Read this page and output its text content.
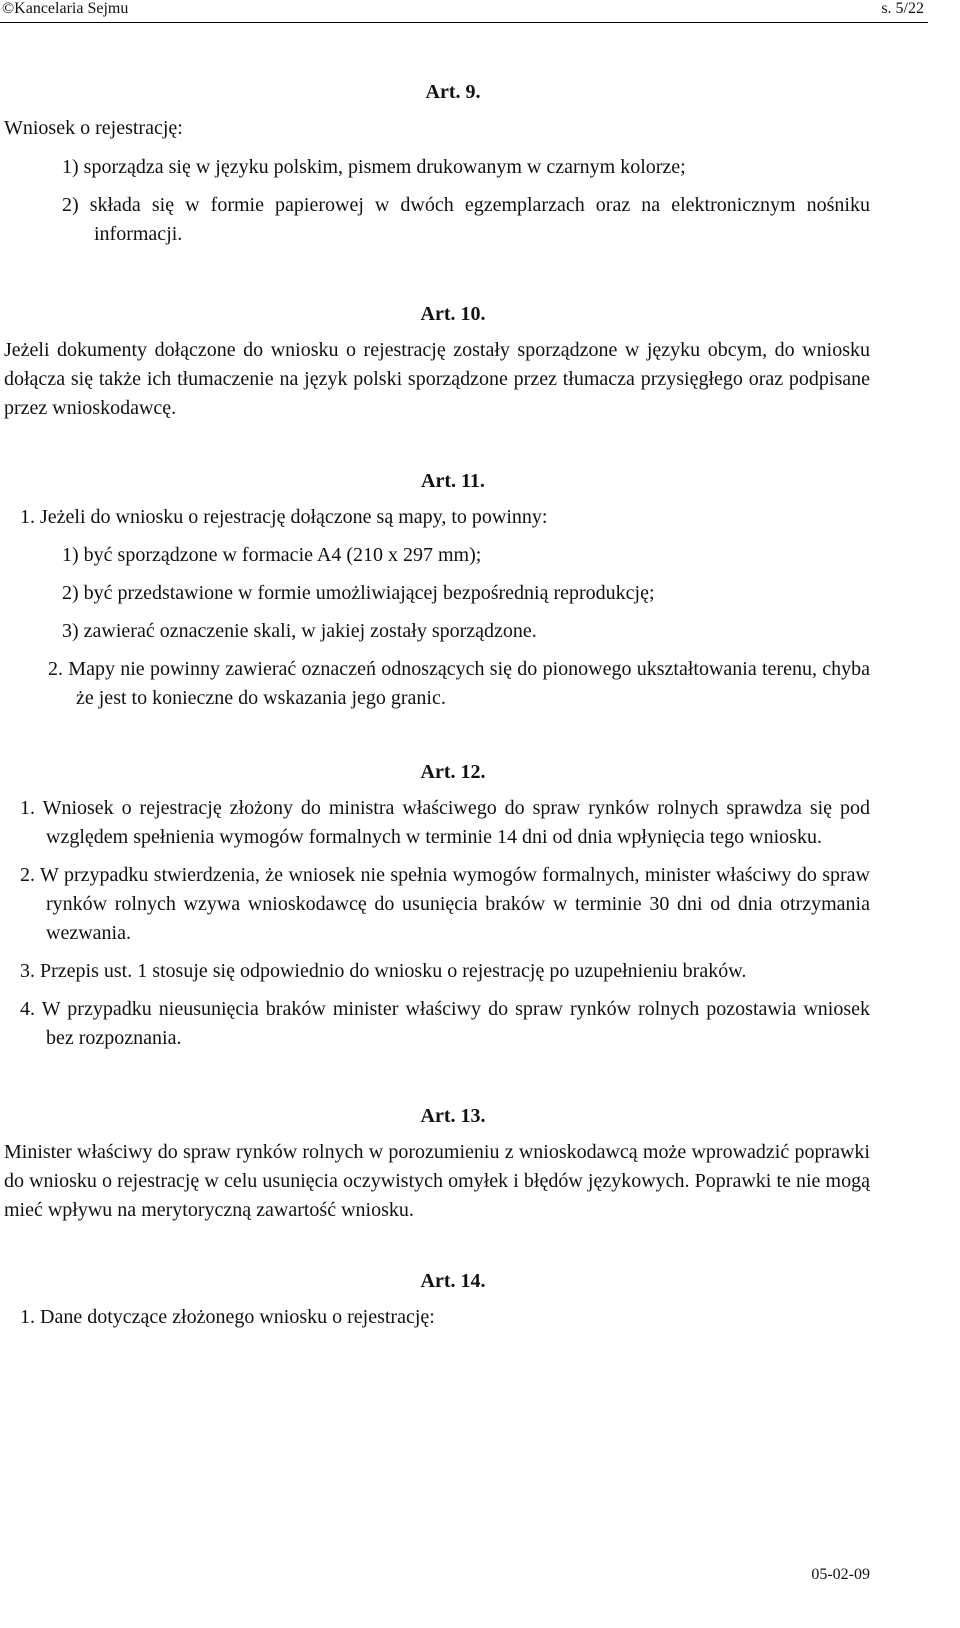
©Kancelaria Sejmu	s. 5/22

Art. 9.

Wniosek o rejestrację:

1) sporządza się w języku polskim, pismem drukowanym w czarnym kolorze;

2) składa się w formie papierowej w dwóch egzemplarzach oraz na elektronicznym nośniku informacji.

Art. 10.

Jeżeli dokumenty dołączone do wniosku o rejestrację zostały sporządzone w języku obcym, do wniosku dołącza się także ich tłumaczenie na język polski sporządzone przez tłumacza przysięgłego oraz podpisane przez wnioskodawcę.

Art. 11.

1. Jeżeli do wniosku o rejestrację dołączone są mapy, to powinny:

1) być sporządzone w formacie A4 (210 x 297 mm);

2) być przedstawione w formie umożliwiającej bezpośrednią reprodukcję;

3) zawierać oznaczenie skali, w jakiej zostały sporządzone.

2. Mapy nie powinny zawierać oznaczeń odnoszących się do pionowego ukształtowania terenu, chyba że jest to konieczne do wskazania jego granic.

Art. 12.

1. Wniosek o rejestrację złożony do ministra właściwego do spraw rynków rolnych sprawdza się pod względem spełnienia wymogów formalnych w terminie 14 dni od dnia wpłynięcia tego wniosku.

2. W przypadku stwierdzenia, że wniosek nie spełnia wymogów formalnych, minister właściwy do spraw rynków rolnych wzywa wnioskodawcę do usunięcia braków w terminie 30 dni od dnia otrzymania wezwania.

3. Przepis ust. 1 stosuje się odpowiednio do wniosku o rejestrację po uzupełnieniu braków.

4. W przypadku nieusunięcia braków minister właściwy do spraw rynków rolnych pozostawia wniosek bez rozpoznania.

Art. 13.

Minister właściwy do spraw rynków rolnych w porozumieniu z wnioskodawcą może wprowadzić poprawki do wniosku o rejestrację w celu usunięcia oczywistych omyłek i błędów językowych. Poprawki te nie mogą mieć wpływu na merytoryczną zawartość wniosku.

Art. 14.

1. Dane dotyczące złożonego wniosku o rejestrację:

05-02-09
